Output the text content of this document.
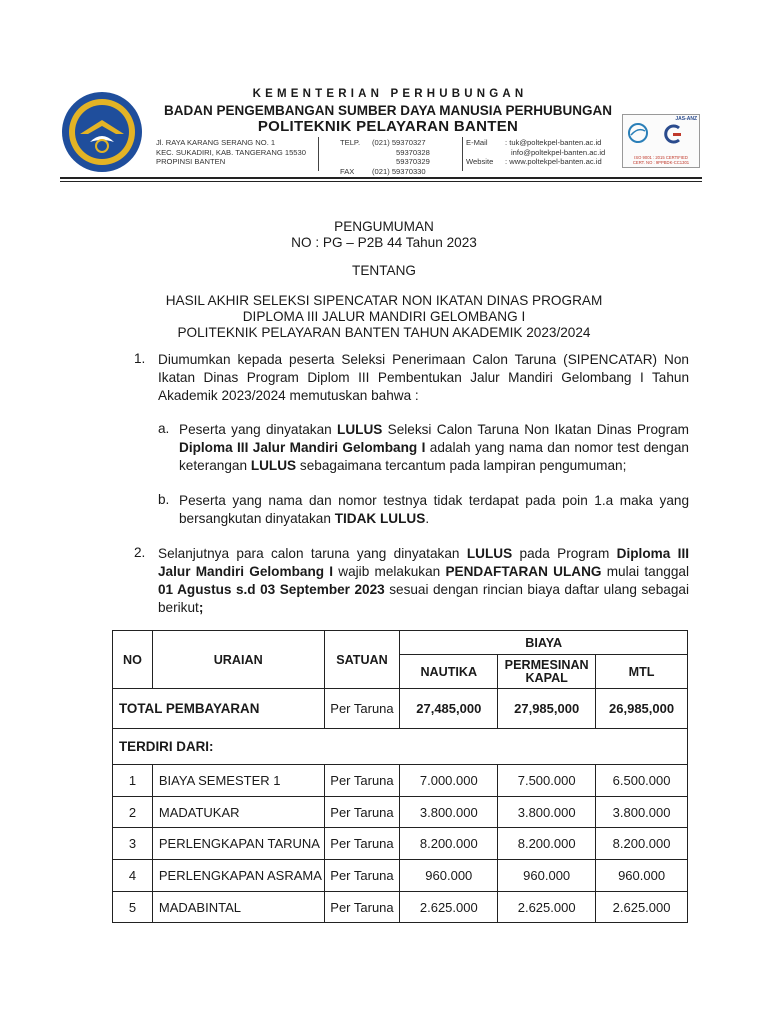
KEMENTERIAN PERHUBUNGAN
BADAN PENGEMBANGAN SUMBER DAYA MANUSIA PERHUBUNGAN
POLITEKNIK PELAYARAN BANTEN
Jl. RAYA KARANG SERANG NO. 1
KEC. SUKADIRI, KAB. TANGERANG 15530
PROPINSI BANTEN
TELP.

FAX
(021) 59370327
59370328
59370329
(021) 59370330
E-Mail

Website
: tuk@poltekpel-banten.ac.id
info@poltekpel-banten.ac.id
: www.poltekpel-banten.ac.id
JAS-ANZ
ISO 9001 : 2015 CERTIFIED
CERT. NO : 9PPBDK-CC1301
PENGUMUMAN
NO : PG – P2B 44 Tahun 2023
TENTANG
HASIL AKHIR SELEKSI SIPENCATAR NON IKATAN DINAS PROGRAM
DIPLOMA III JALUR MANDIRI GELOMBANG I
POLITEKNIK PELAYARAN BANTEN TAHUN AKADEMIK 2023/2024
1. Diumumkan kepada peserta Seleksi Penerimaan Calon Taruna (SIPENCATAR) Non Ikatan Dinas Program Diplom III Pembentukan Jalur Mandiri Gelombang I Tahun Akademik 2023/2024 memutuskan bahwa :
a. Peserta yang dinyatakan LULUS Seleksi Calon Taruna Non Ikatan Dinas Program Diploma III Jalur Mandiri Gelombang I adalah yang nama dan nomor test dengan keterangan LULUS sebagaimana tercantum pada lampiran pengumuman;
b. Peserta yang nama dan nomor testnya tidak terdapat pada poin 1.a maka yang bersangkutan dinyatakan TIDAK LULUS.
2. Selanjutnya para calon taruna yang dinyatakan LULUS pada Program Diploma III Jalur Mandiri Gelombang I wajib melakukan PENDAFTARAN ULANG mulai tanggal 01 Agustus s.d 03 September 2023 sesuai dengan rincian biaya daftar ulang sebagai berikut;
NO	URAIAN	SATUAN	BIAYA		
			NAUTIKA	PERMESINAN KAPAL	MTL
TOTAL PEMBAYARAN		Per Taruna	27,485,000	27,985,000	26,985,000
TERDIRI DARI:					
1	BIAYA SEMESTER 1	Per Taruna	7.000.000	7.500.000	6.500.000
2	MADATUKAR	Per Taruna	3.800.000	3.800.000	3.800.000
3	PERLENGKAPAN TARUNA	Per Taruna	8.200.000	8.200.000	8.200.000
4	PERLENGKAPAN ASRAMA	Per Taruna	960.000	960.000	960.000
5	MADABINTAL	Per Taruna	2.625.000	2.625.000	2.625.000
